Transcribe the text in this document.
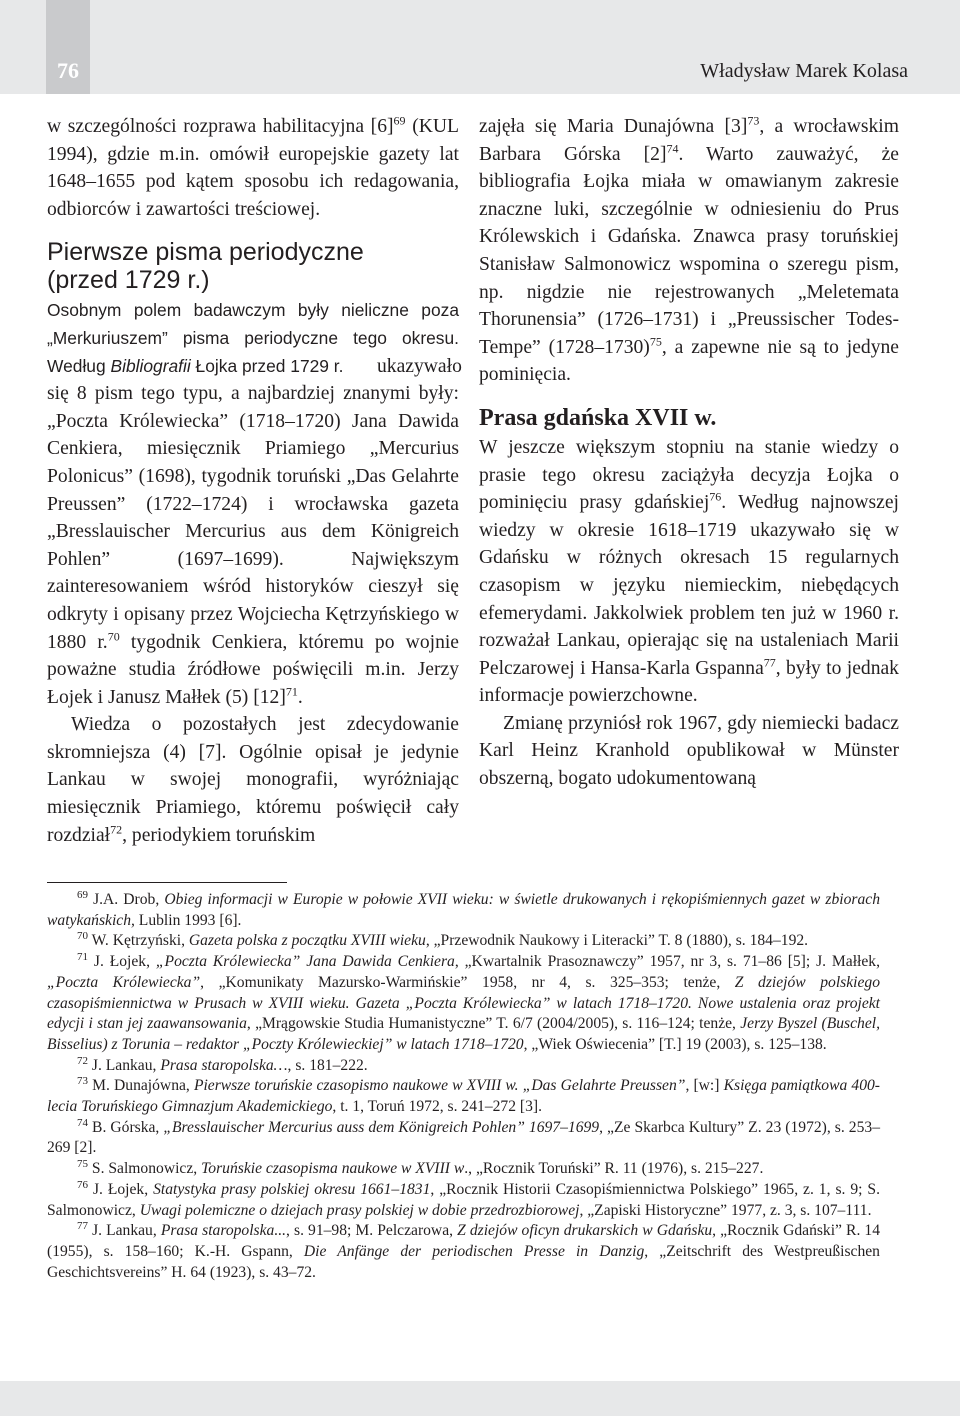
76	Władysław Marek Kolasa

w szczególności rozprawa habilitacyjna $[6]^{69}$ (KUL 1994), gdzie m.in. omówił europejskie gazety lat 1648–1655 pod kątem sposobu ich redagowania, odbiorców i zawartości treściowej.

Pierwsze pisma periodyczne
(przed 1729 r.)

Osobnym polem badawczym były nieliczne poza „Merkuriuszem” pisma periodyczne tego okresu. Według Bibliografii Łojka przed 1729 r.	ukazywało się 8 pism tego typu, a najbardziej znanymi były: „Poczta Królewiecka” (1718–1720) Jana Dawida Cenkiera, miesięcznik Priamiego „Mercurius Polonicus” (1698), tygodnik toruński „Das Gelahrte Preussen” (1722–1724) i wrocławska gazeta „Bresslauischer Mercurius aus dem Königreich Pohlen” (1697–1699). Największym zainteresowaniem wśród historyków cieszył się odkryty i opisany przez Wojciecha Kętrzyńskiego w 1880 r.$^{70}$ tygodnik Cenkiera, któremu po wojnie poważne studia źródłowe poświęcili m.in. Jerzy Łojek i Janusz Małłek (5) $[12]^{71}$.

Wiedza o pozostałych jest zdecydowanie skromniejsza (4) [7]. Ogólnie opisał je jedynie Lankau w swojej monografii, wyróżniając miesięcznik Priamiego, któremu poświęcił cały rozdział$^{72}$, periodykiem toruńskim

zajęła się Maria Dunajówna $[3]^{73}$, a wrocławskim Barbara Górska $[2]^{74}$. Warto zauważyć, że bibliografia Łojka miała w omawianym zakresie znaczne luki, szczególnie w odniesieniu do Prus Królewskich i Gdańska. Znawca prasy toruńskiej Stanisław Salmonowicz wspomina o szeregu pism, np. nigdzie nie rejestrowanych „Meletemata Thorunensia” (1726–1731) i „Preussischer Todes-Tempe” (1728–1730)$^{75}$, a zapewne nie są to jedyne pominięcia.

Prasa gdańska XVII w.

W jeszcze większym stopniu na stanie wiedzy o prasie tego okresu zaciążyła decyzja Łojka o pominięciu prasy gdańskiej$^{76}$. Według najnowszej wiedzy w okresie 1618–1719 ukazywało się w Gdańsku w różnych okresach 15 regularnych czasopism w języku niemieckim, niebędących efemerydami. Jakkolwiek problem ten już w 1960 r. rozważał Lankau, opierając się na ustaleniach Marii Pelczarowej i Hansa-Karla Gspanna$^{77}$, były to jednak informacje powierzchowne.

Zmianę przyniósł rok 1967, gdy niemiecki badacz Karl Heinz Kranhold opublikował w Münster obszerną, bogato udokumentowaną

$^{69}$ J.A. Drob, Obieg informacji w Europie w połowie XVII wieku: w świetle drukowanych i rękopiśmiennych gazet w zbiorach watykańskich, Lublin 1993 [6].

$^{70}$ W. Kętrzyński, Gazeta polska z początku XVIII wieku, „Przewodnik Naukowy i Literacki” T. 8 (1880), s. 184–192.

$^{71}$ J. Łojek, „Poczta Królewiecka” Jana Dawida Cenkiera, „Kwartalnik Prasoznawczy” 1957, nr 3, s. 71–86 [5]; J. Małłek, „Poczta Królewiecka”, „Komunikaty Mazursko-Warmińskie” 1958, nr 4, s. 325–353; tenże, Z dziejów polskiego czasopiśmiennictwa w Prusach w XVIII wieku. Gazeta „Poczta Królewiecka” w latach 1718–1720. Nowe ustalenia oraz projekt edycji i stan jej zaawansowania, „Mrągowskie Studia Humanistyczne” T. 6/7 (2004/2005), s. 116–124; tenże, Jerzy Byszel (Buschel, Bisselius) z Torunia – redaktor „Poczty Królewieckiej” w latach 1718–1720, „Wiek Oświecenia” [T.] 19 (2003), s. 125–138.

$^{72}$ J. Lankau, Prasa staropolska…, s. 181–222.

$^{73}$ M. Dunajówna, Pierwsze toruńskie czasopismo naukowe w XVIII w. „Das Gelahrte Preussen”, [w:] Księga pamiątkowa 400-lecia Toruńskiego Gimnazjum Akademickiego, t. 1, Toruń 1972, s. 241–272 [3].

$^{74}$ B. Górska, „Bresslauischer Mercurius auss dem Königreich Pohlen” 1697–1699, „Ze Skarbca Kultury” Z. 23 (1972), s. 253–269 [2].

$^{75}$ S. Salmonowicz, Toruńskie czasopisma naukowe w XVIII w., „Rocznik Toruński” R. 11 (1976), s. 215–227.

$^{76}$ J. Łojek, Statystyka prasy polskiej okresu 1661–1831, „Rocznik Historii Czasopiśmiennictwa Polskiego” 1965, z. 1, s. 9; S. Salmonowicz, Uwagi polemiczne o dziejach prasy polskiej w dobie przedrozbiorowej, „Zapiski Historyczne” 1977, z. 3, s. 107–111.

$^{77}$ J. Lankau, Prasa staropolska..., s. 91–98; M. Pelczarowa, Z dziejów oficyn drukarskich w Gdańsku, „Rocznik Gdański” R. 14 (1955), s. 158–160; K.-H. Gspann, Die Anfänge der periodischen Presse in Danzig, „Zeitschrift des Westpreußischen Geschichtsvereins” H. 64 (1923), s. 43–72.
